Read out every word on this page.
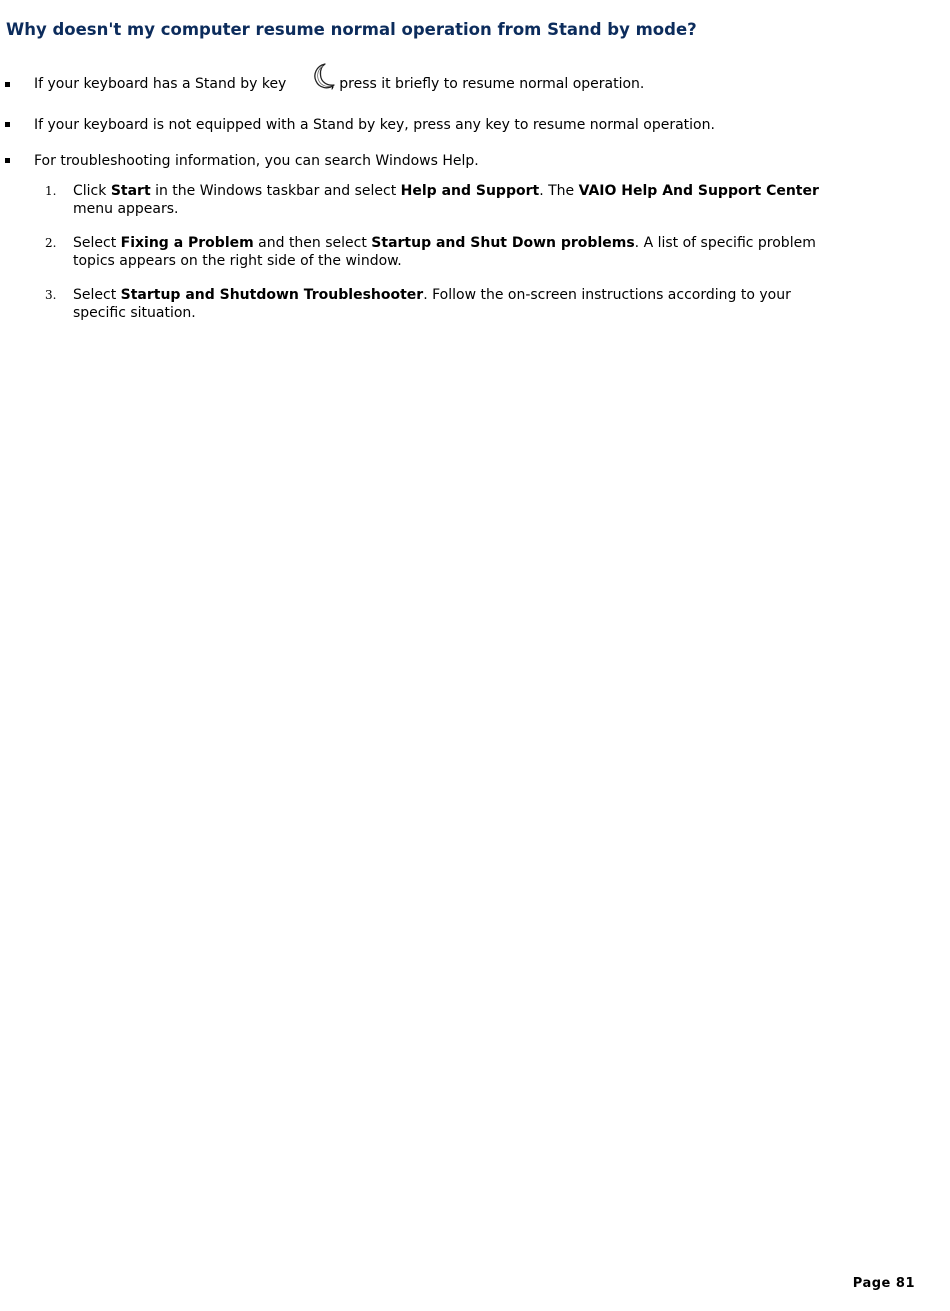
Why doesn't my computer resume normal operation from Stand by mode?
If your keyboard has a Stand by key	, press it briefly to resume normal operation.
If your keyboard is not equipped with a Stand by key, press any key to resume normal operation.
For troubleshooting information, you can search Windows Help.
1. Click Start in the Windows taskbar and select Help and Support. The VAIO Help And Support Center menu appears.
2. Select Fixing a Problem and then select Startup and Shut Down problems. A list of specific problem topics appears on the right side of the window.
3. Select Startup and Shutdown Troubleshooter. Follow the on-screen instructions according to your specific situation.
Page 81
